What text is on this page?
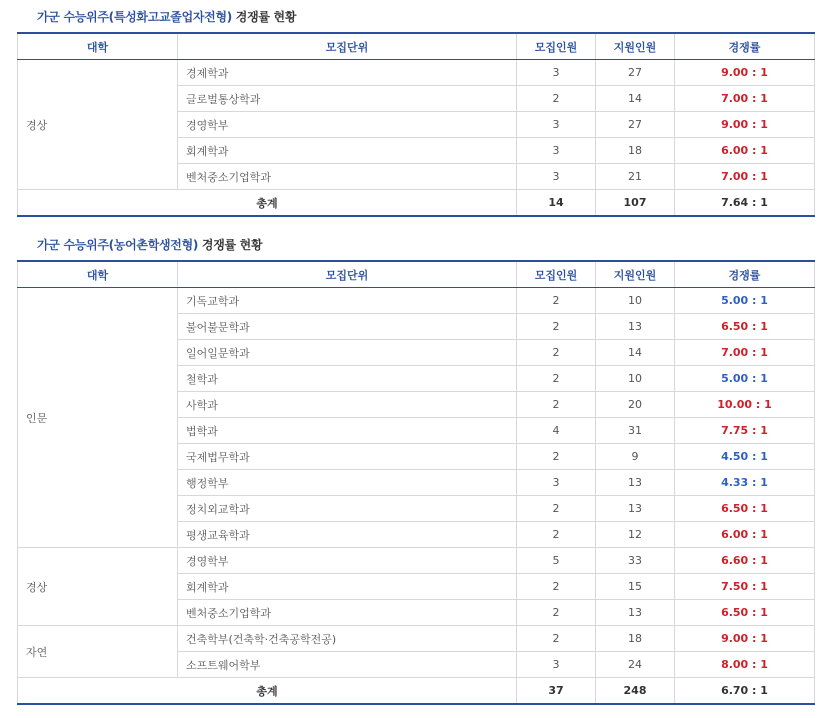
가군 수능위주(특성화고교졸업자전형) 경쟁률 현황
대학	모집단위	모집인원	지원인원	경쟁률
경상	경제학과	3	27	9.00 : 1
	글로벌통상학과	2	14	7.00 : 1
	경영학부	3	27	9.00 : 1
	회계학과	3	18	6.00 : 1
	벤처중소기업학과	3	21	7.00 : 1
총계		14	107	7.64 : 1
가군 수능위주(농어촌학생전형) 경쟁률 현황
대학	모집단위	모집인원	지원인원	경쟁률
인문	기독교학과	2	10	5.00 : 1
	불어불문학과	2	13	6.50 : 1
	일어일문학과	2	14	7.00 : 1
	철학과	2	10	5.00 : 1
	사학과	2	20	10.00 : 1
	법학과	4	31	7.75 : 1
	국제법무학과	2	9	4.50 : 1
	행정학부	3	13	4.33 : 1
	정치외교학과	2	13	6.50 : 1
	평생교육학과	2	12	6.00 : 1
경상	경영학부	5	33	6.60 : 1
	회계학과	2	15	7.50 : 1
	벤처중소기업학과	2	13	6.50 : 1
자연	건축학부(건축학·건축공학전공)	2	18	9.00 : 1
	소프트웨어학부	3	24	8.00 : 1
총계		37	248	6.70 : 1
